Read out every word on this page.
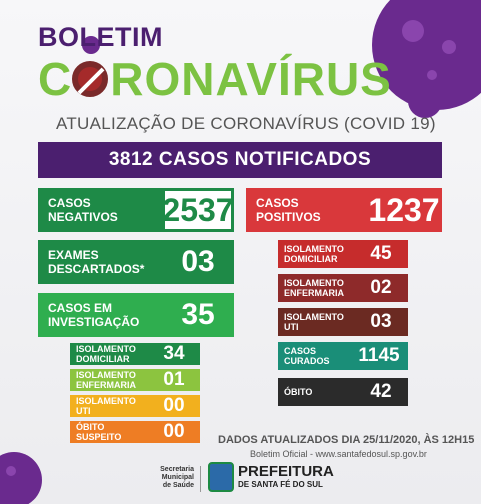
BOLETIM
C RONAVÍRUS
ATUALIZAÇÃO DE CORONAVÍRUS (COVID 19)
3812 CASOS NOTIFICADOS
CASOS NEGATIVOS	2537
EXAMES DESCARTADOS*	03
CASOS EM INVESTIGAÇÃO	35
ISOLAMENTO DOMICILIAR	34
ISOLAMENTO ENFERMARIA	01
ISOLAMENTO UTI	00
ÓBITO SUSPEITO	00
CASOS POSITIVOS	1237
ISOLAMENTO DOMICILIAR	45
ISOLAMENTO ENFERMARIA	02
ISOLAMENTO UTI	03
CASOS CURADOS	1145
ÓBITO	42
DADOS ATUALIZADOS DIA 25/11/2020, ÀS 12H15
Boletim Oficial - www.santafedosul.sp.gov.br
Secretaria Municipal de Saúde
PREFEITURA
DE SANTA FÉ DO SUL
